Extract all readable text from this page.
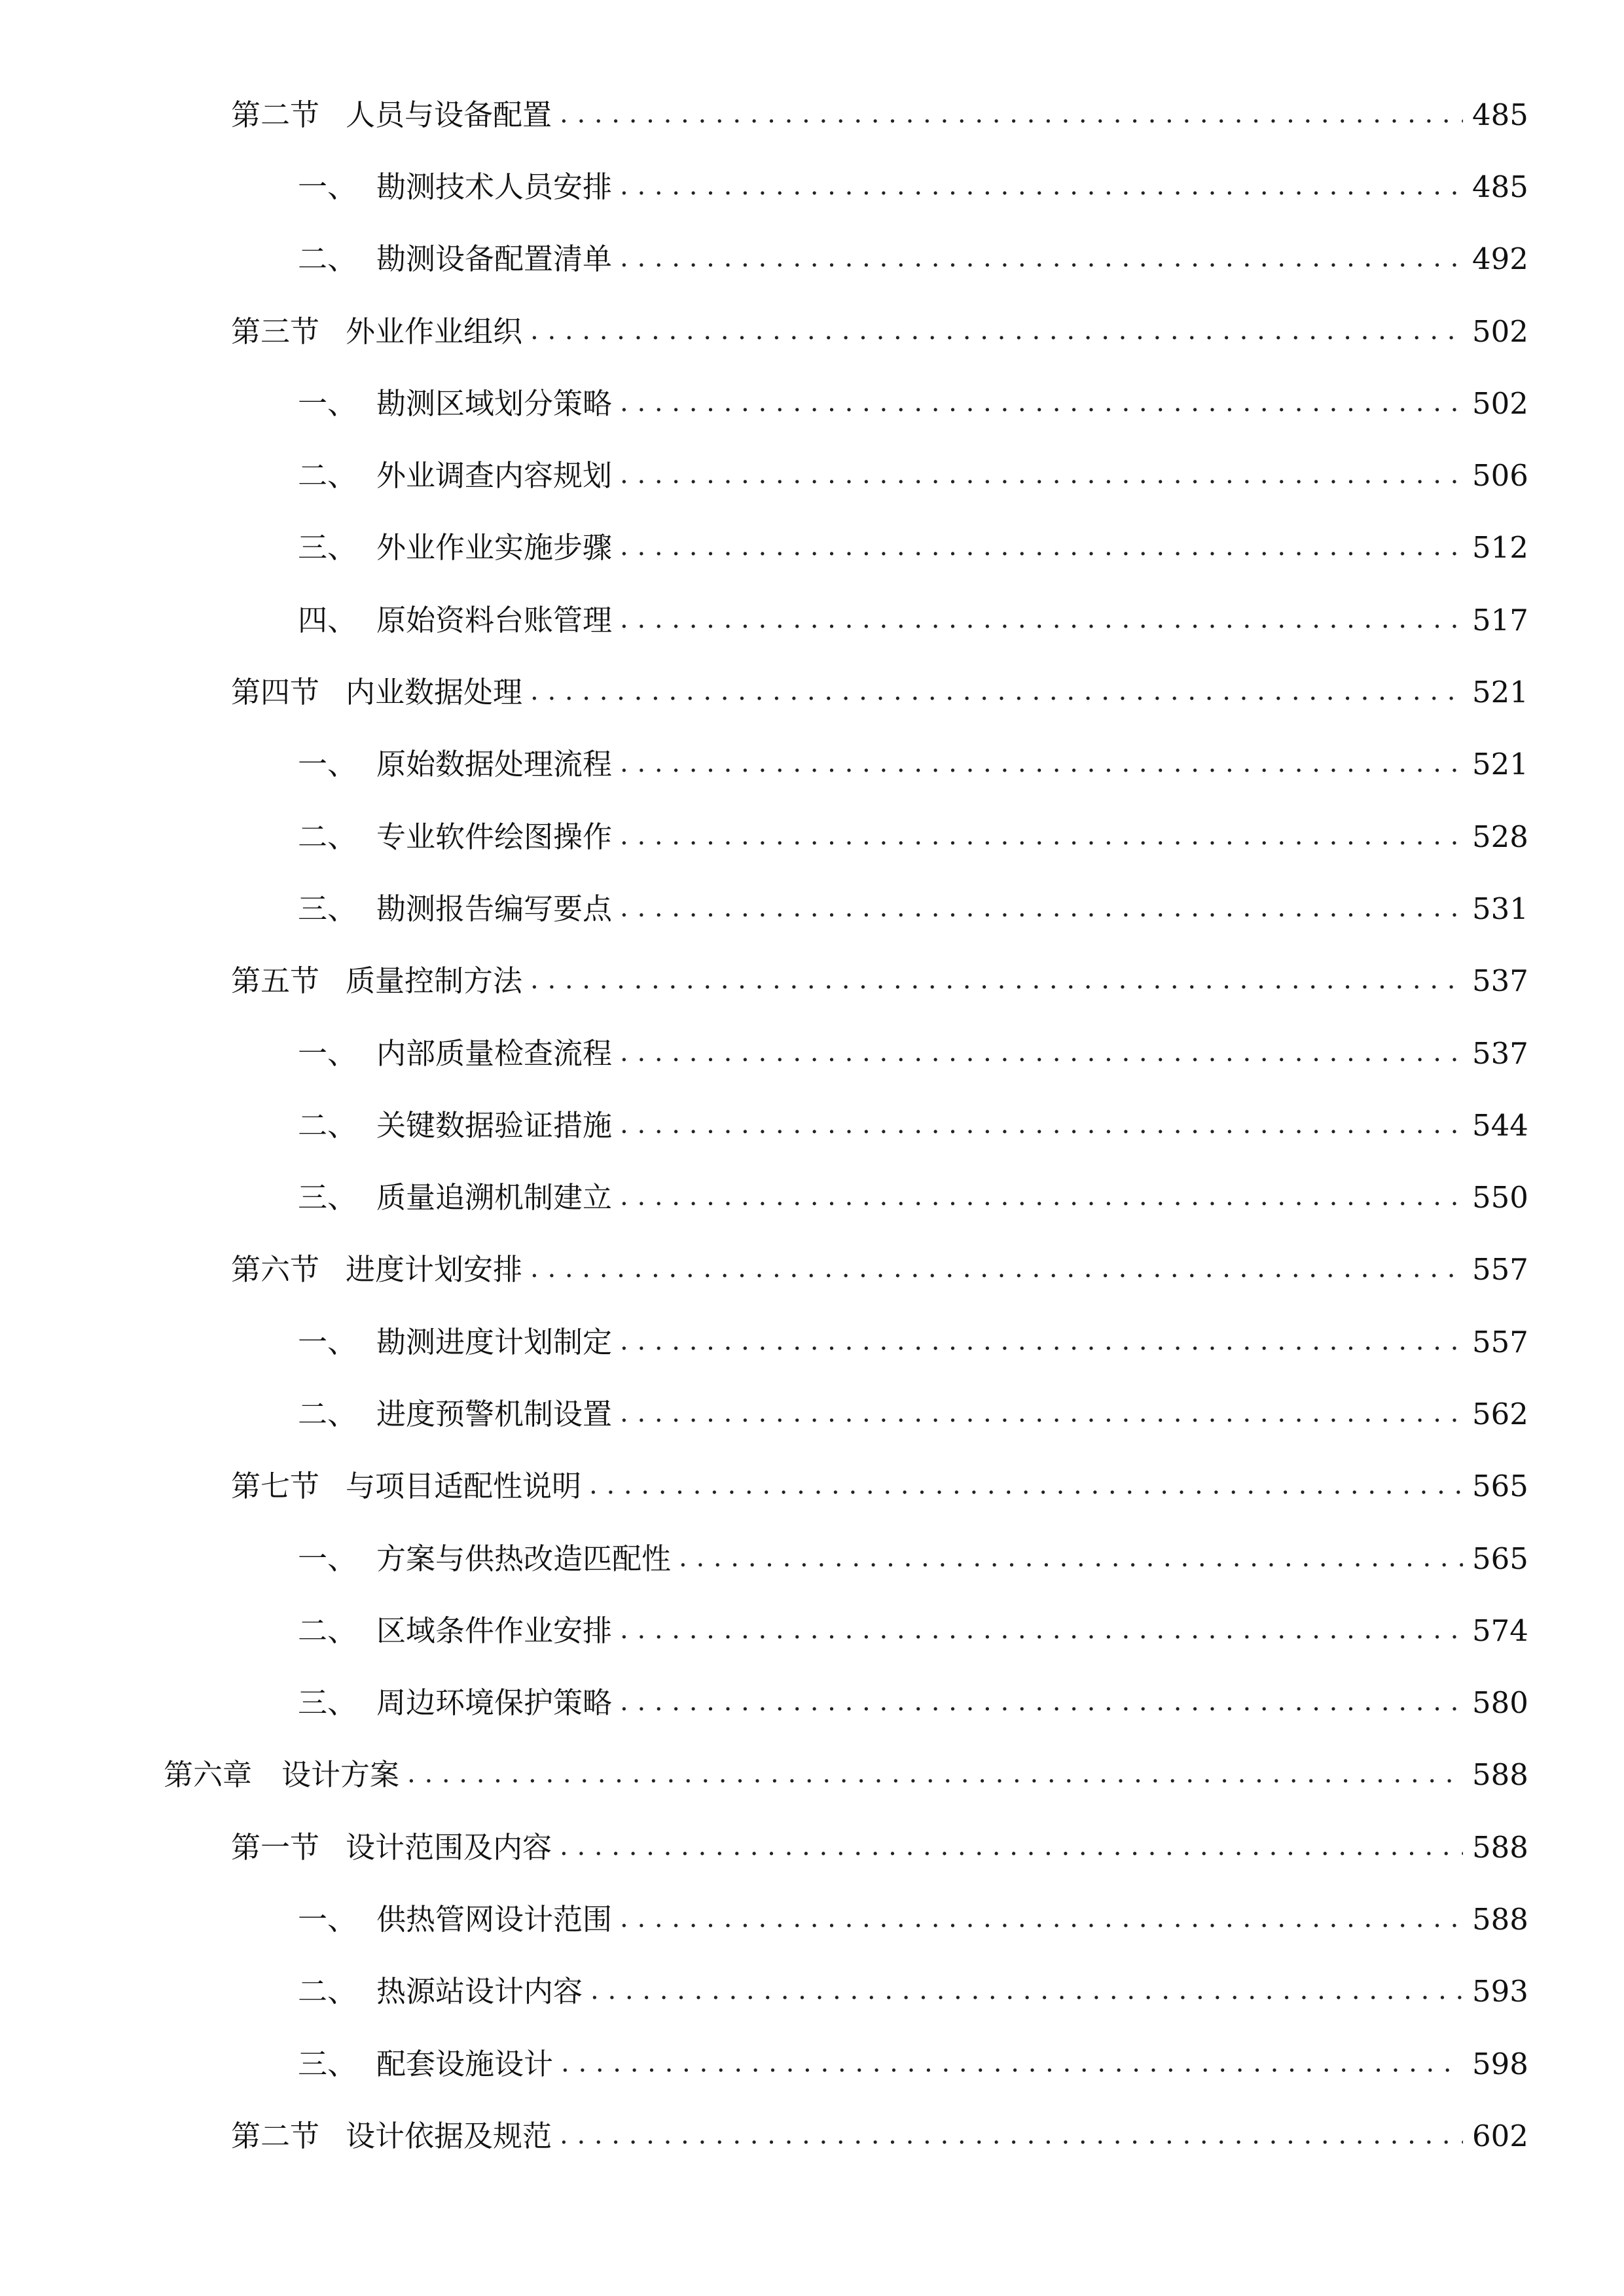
第二节 人员与设备配置 . . .	485
一、 勘测技术人员安排 . . .	485
二、 勘测设备配置清单 . . .	492
第三节 外业作业组织 . . .	502
一、 勘测区域划分策略 . . .	502
二、 外业调查内容规划 . . .	506
三、 外业作业实施步骤 . . .	512
四、 原始资料台账管理 . . .	517
第四节 内业数据处理 . . .	521
一、 原始数据处理流程 . . .	521
二、 专业软件绘图操作 . . .	528
三、 勘测报告编写要点 . . .	531
第五节 质量控制方法 . . .	537
一、 内部质量检查流程 . . .	537
二、 关键数据验证措施 . . .	544
三、 质量追溯机制建立 . . .	550
第六节 进度计划安排 . . .	557
一、 勘测进度计划制定 . . .	557
二、 进度预警机制设置 . . .	562
第七节 与项目适配性说明 . . .	565
一、 方案与供热改造匹配性 . . .	565
二、 区域条件作业安排 . . .	574
三、 周边环境保护策略 . . .	580
第六章 设计方案 . . .	588
第一节 设计范围及内容 . . .	588
一、 供热管网设计范围 . . .	588
二、 热源站设计内容 . . .	593
三、 配套设施设计 . . .	598
第二节 设计依据及规范 . . .	602
